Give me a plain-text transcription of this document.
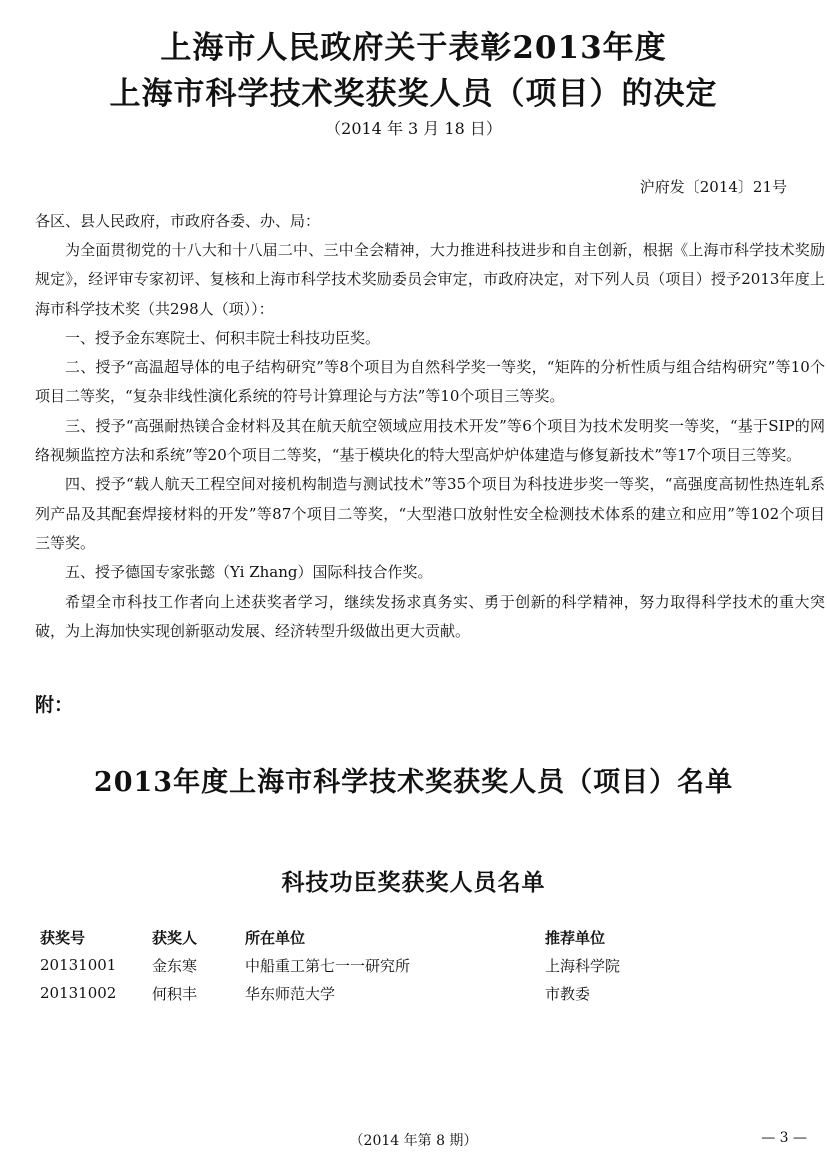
上海市人民政府关于表彰2013年度
上海市科学技术奖获奖人员（项目）的决定
（2014 年 3 月 18 日）
沪府发〔2014〕21号
各区、县人民政府，市政府各委、办、局：

为全面贯彻党的十八大和十八届二中、三中全会精神，大力推进科技进步和自主创新，根据《上海市科学技术奖励规定》，经评审专家初评、复核和上海市科学技术奖励委员会审定，市政府决定，对下列人员（项目）授予2013年度上海市科学技术奖（共298人（项））：

一、授予金东寒院士、何积丰院士科技功臣奖。

二、授予“高温超导体的电子结构研究”等8个项目为自然科学奖一等奖，“矩阵的分析性质与组合结构研究”等10个项目二等奖，“复杂非线性演化系统的符号计算理论与方法”等10个项目三等奖。

三、授予“高强耐热镁合金材料及其在航天航空领域应用技术开发”等6个项目为技术发明奖一等奖，“基于SIP的网络视频监控方法和系统”等20个项目二等奖，“基于模块化的特大型高炉炉体建造与修复新技术”等17个项目三等奖。

四、授予“载人航天工程空间对接机构制造与测试技术”等35个项目为科技进步奖一等奖，“高强度高韧性热连轧系列产品及其配套焊接材料的开发”等87个项目二等奖，“大型港口放射性安全检测技术体系的建立和应用”等102个项目三等奖。

五、授予德国专家张懿（Yi Zhang）国际科技合作奖。

希望全市科技工作者向上述获奖者学习，继续发扬求真务实、勇于创新的科学精神，努力取得科学技术的重大突破，为上海加快实现创新驱动发展、经济转型升级做出更大贡献。

附：
2013年度上海市科学技术奖获奖人员（项目）名单
科技功臣奖获奖人员名单
获奖号	获奖人	所在单位	推荐单位
20131001	金东寒	中船重工第七一一研究所	上海科学院
20131002	何积丰	华东师范大学	市教委
（2014 年第 8 期）	— 3 —
